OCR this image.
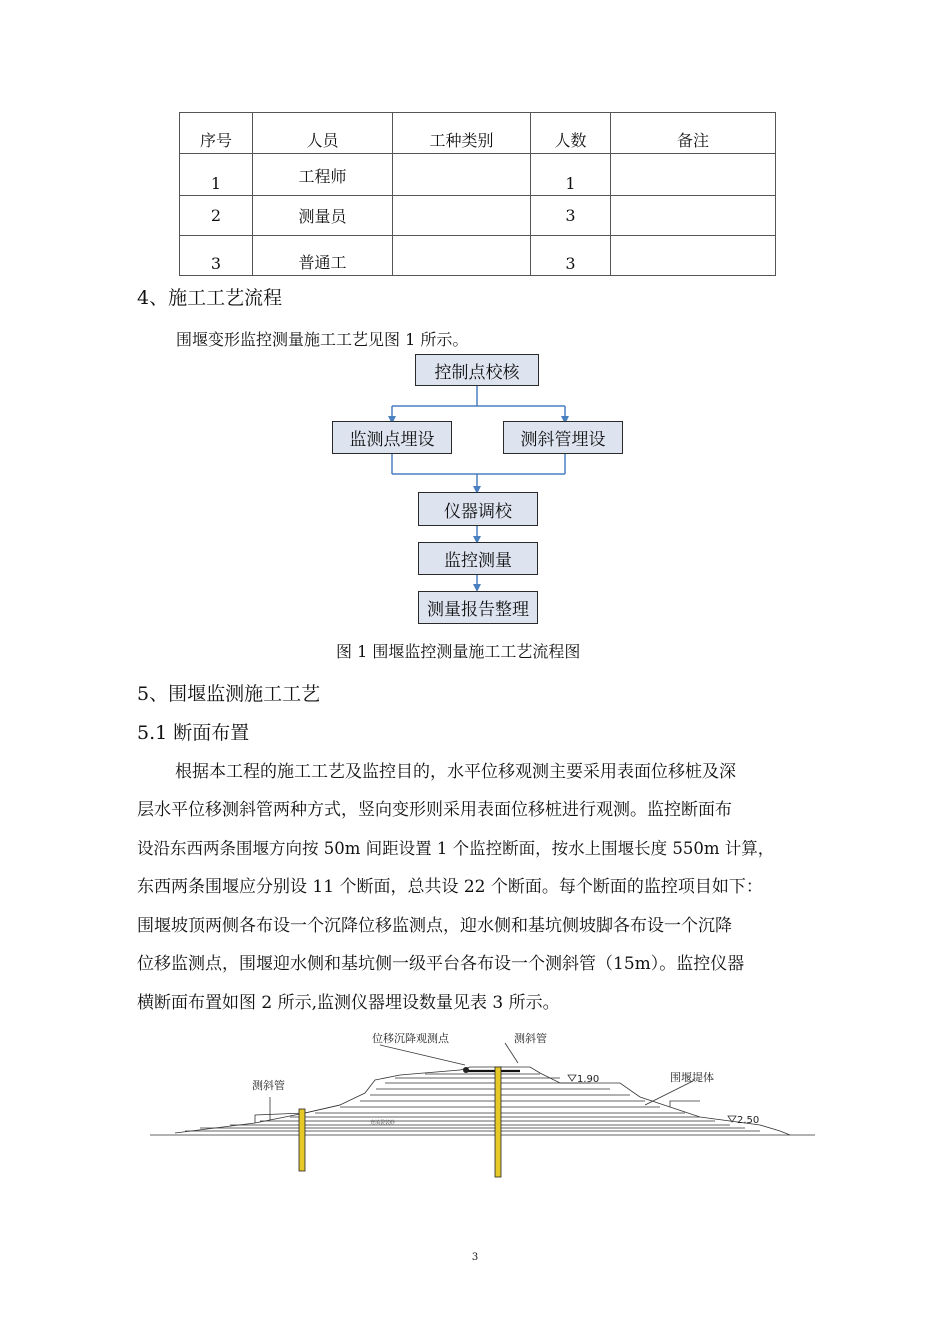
序号	人员	工种类别	人数	备注

1	工程师		1	

2	测量员		3	

3	普通工		3	

4、施工工艺流程
围堰变形监控测量施工工艺见图 1 所示。
控制点校核
监测点埋设	测斜管埋设
仪器调校
监控测量
测量报告整理
图 1 围堰监控测量施工工艺流程图
5、围堰监测施工工艺
5.1 断面布置
根据本工程的施工工艺及监控目的，水平位移观测主要采用表面位移桩及深
层水平位移测斜管两种方式，竖向变形则采用表面位移桩进行观测。监控断面布
设沿东西两条围堰方向按 50m 间距设置 1 个监控断面，按水上围堰长度 550m 计算，
东西两条围堰应分别设 11 个断面，总共设 22 个断面。每个断面的监控项目如下：
围堰坡顶两侧各布设一个沉降位移监测点，迎水侧和基坑侧坡脚各布设一个沉降
位移监测点，围堰迎水侧和基坑侧一级平台各布设一个测斜管（15m）。监控仪器
横断面布置如图 2 所示,监测仪器埋设数量见表 3 所示。
位移沉降观测点	测斜管
测斜管
围堰堤体
1.90
2.50
充填袋装砂
3
